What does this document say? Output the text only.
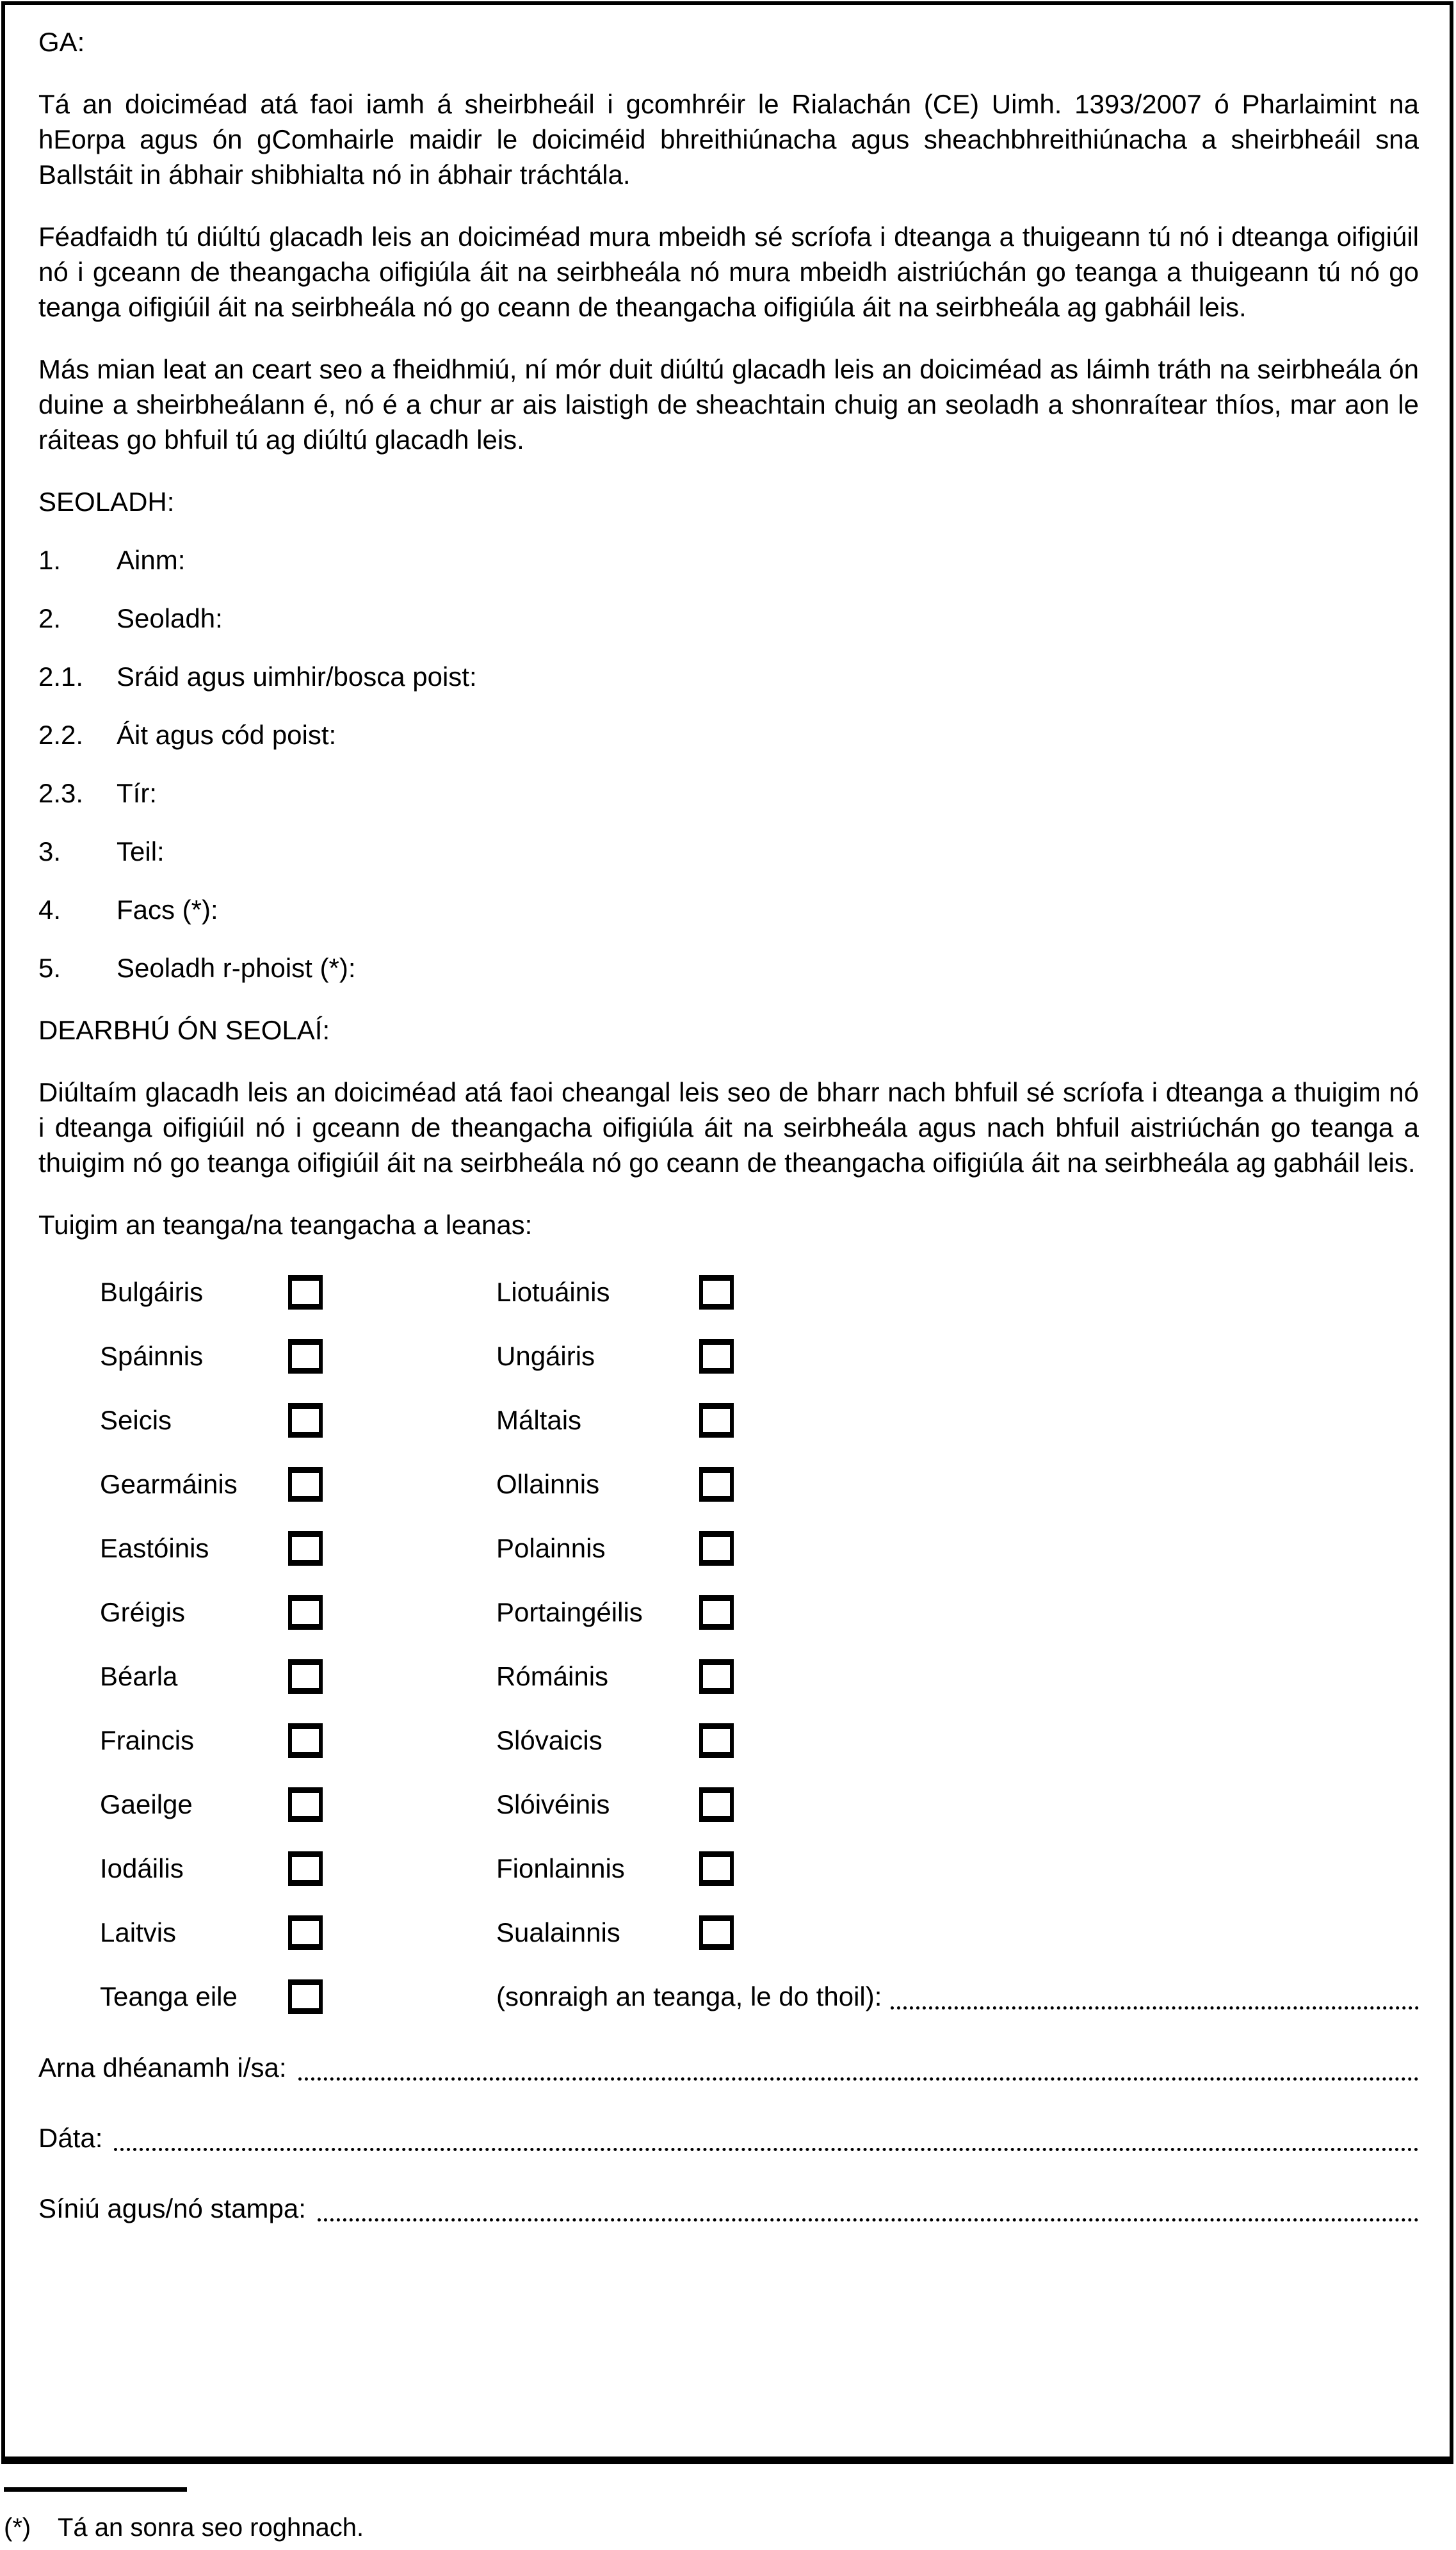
GA:

Tá an doiciméad atá faoi iamh á sheirbheáil i gcomhréir le Rialachán (CE) Uimh. 1393/2007 ó Pharlaimint na hEorpa agus ón gComhairle maidir le doiciméid bhreithiúnacha agus sheachbhreithiúnacha a sheirbheáil sna Ballstáit in ábhair shibhialta nó in ábhair tráchtála.

Féadfaidh tú diúltú glacadh leis an doiciméad mura mbeidh sé scríofa i dteanga a thuigeann tú nó i dteanga oifigiúil nó i gceann de theangacha oifigiúla áit na seirbheála nó mura mbeidh aistriúchán go teanga a thuigeann tú nó go teanga oifigiúil áit na seirbheála nó go ceann de theangacha oifigiúla áit na seirbheála ag gabháil leis.

Más mian leat an ceart seo a fheidhmiú, ní mór duit diúltú glacadh leis an doiciméad as láimh tráth na seirbheála ón duine a sheirbheálann é, nó é a chur ar ais laistigh de sheachtain chuig an seoladh a shonraítear thíos, mar aon le ráiteas go bhfuil tú ag diúltú glacadh leis.

SEOLADH:
1.	Ainm:
2.	Seoladh:
2.1.	Sráid agus uimhir/bosca poist:
2.2.	Áit agus cód poist:
2.3.	Tír:
3.	Teil:
4.	Facs (*):
5.	Seoladh r-phoist (*):
DEARBHÚ ÓN SEOLAÍ:

Diúltaím glacadh leis an doiciméad atá faoi cheangal leis seo de bharr nach bhfuil sé scríofa i dteanga a thuigim nó i dteanga oifigiúil nó i gceann de theangacha oifigiúla áit na seirbheála agus nach bhfuil aistriúchán go teanga a thuigim nó go teanga oifigiúil áit na seirbheála nó go ceann de theangacha oifigiúla áit na seirbheála ag gabháil leis.

Tuigim an teanga/na teangacha a leanas:
Bulgáiris	Liotuáinis
Spáinnis	Ungáiris
Seicis	Máltais
Gearmáinis	Ollainnis
Eastóinis	Polainnis
Gréigis	Portaingéilis
Béarla	Rómáinis
Fraincis	Slóvaicis
Gaeilge	Slóivéinis
Iodáilis	Fionlainnis
Laitvis	Sualainnis
Teanga eile	(sonraigh an teanga, le do thoil):
Arna dhéanamh i/sa:
Dáta:
Síniú agus/nó stampa:
(*)	Tá an sonra seo roghnach.
